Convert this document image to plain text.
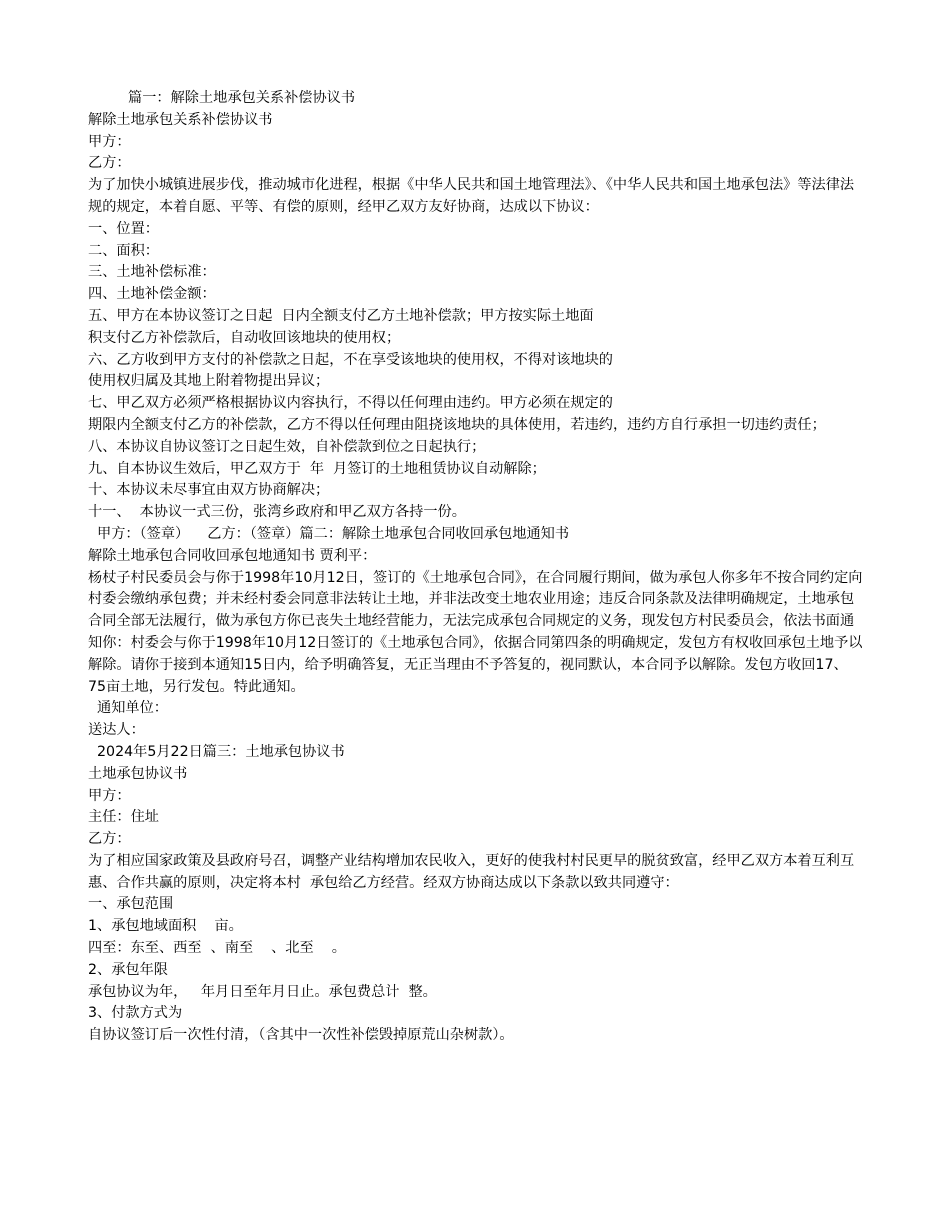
篇一：解除土地承包关系补偿协议书

解除土地承包关系补偿协议书

甲方：

乙方：

为了加快小城镇进展步伐，推动城市化进程，根据《中华人民共和国土地管理法》、《中华人民共和国土地承包法》等法律法规的规定，本着自愿、平等、有偿的原则，经甲乙双方友好协商，达成以下协议：

一、位置：

二、面积：

三、土地补偿标准：

四、土地补偿金额：

五、甲方在本协议签订之日起  日内全额支付乙方土地补偿款；甲方按实际土地面

积支付乙方补偿款后，自动收回该地块的使用权；

六、乙方收到甲方支付的补偿款之日起，不在享受该地块的使用权，不得对该地块的

使用权归属及其地上附着物提出异议；

七、甲乙双方必须严格根据协议内容执行，不得以任何理由违约。甲方必须在规定的

期限内全额支付乙方的补偿款，乙方不得以任何理由阻挠该地块的具体使用，若违约，违约方自行承担一切违约责任；

八、本协议自协议签订之日起生效，自补偿款到位之日起执行；

九、自本协议生效后，甲乙双方于  年  月签订的土地租赁协议自动解除；

十、本协议未尽事宜由双方协商解决；

十一、  本协议一式三份，张湾乡政府和甲乙双方各持一份。

甲方：（签章）    乙方：（签章）篇二：解除土地承包合同收回承包地通知书

解除土地承包合同收回承包地通知书 贾利平：

杨杖子村民委员会与你于1998年10月12日，签订的《土地承包合同》，在合同履行期间，做为承包人你多年不按合同约定向村委会缴纳承包费；并未经村委会同意非法转让土地，并非法改变土地农业用途；违反合同条款及法律明确规定，土地承包合同全部无法履行，做为承包方你已丧失土地经营能力，无法完成承包合同规定的义务，现发包方村民委员会，依法书面通知你：村委会与你于1998年10月12日签订的《土地承包合同》，依据合同第四条的明确规定，发包方有权收回承包土地予以解除。请你于接到本通知15日内，给予明确答复，无正当理由不予答复的，视同默认，本合同予以解除。发包方收回17、75亩土地，另行发包。特此通知。

通知单位：

送达人：

2024年5月22日篇三：土地承包协议书

土地承包协议书

甲方：

主任：住址

乙方：

为了相应国家政策及县政府号召，调整产业结构增加农民收入，更好的使我村村民更早的脱贫致富，经甲乙双方本着互利互惠、合作共赢的原则，决定将本村  承包给乙方经营。经双方协商达成以下条款以致共同遵守：

一、承包范围

1、承包地域面积    亩。

四至：东至、西至  、南至    、北至    。

2、承包年限

承包协议为年，   年月日至年月日止。承包费总计  整。

3、付款方式为

自协议签订后一次性付清，（含其中一次性补偿毁掉原荒山杂树款）。
